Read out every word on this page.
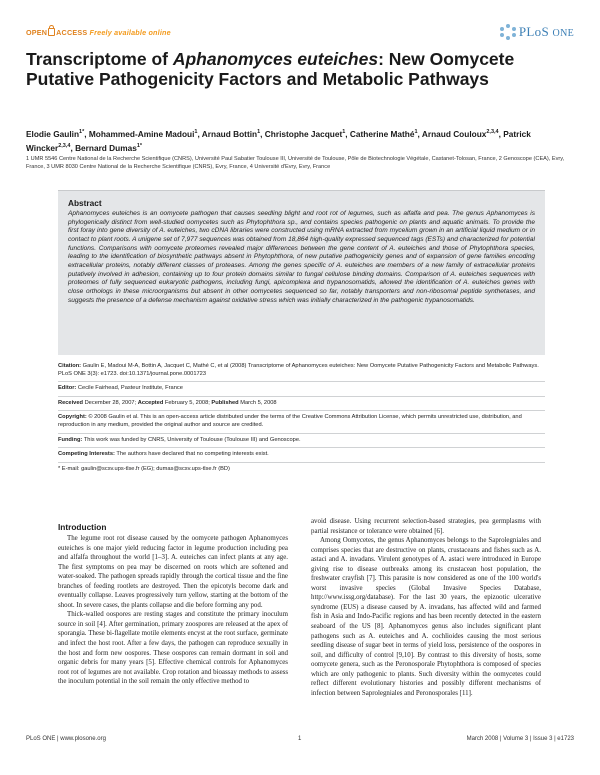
OPEN ACCESS Freely available online	PLoS ONE
Transcriptome of Aphanomyces euteiches: New Oomycete Putative Pathogenicity Factors and Metabolic Pathways
Elodie Gaulin$^{1*}$, Mohammed-Amine Madoui$^1$, Arnaud Bottin$^1$, Christophe Jacquet$^1$, Catherine Mathé$^1$, Arnaud Couloux$^{2,3,4}$, Patrick Wincker$^{2,3,4}$, Bernard Dumas$^{1*}$
1 UMR 5546 Centre National de la Recherche Scientifique (CNRS), Université Paul Sabatier Toulouse III, Université de Toulouse, Pôle de Biotechnologie Végétale, Castanet-Tolosan, France, 2 Genoscope (CEA), Evry, France, 3 UMR 8030 Centre National de la Recherche Scientifique (CNRS), Evry, France, 4 Université d'Evry, Evry, France
Abstract

Aphanomyces euteiches is an oomycete pathogen that causes seedling blight and root rot of legumes, such as alfalfa and pea. The genus Aphanomyces is phylogenically distinct from well-studied oomycetes such as Phytophthora sp., and contains species pathogenic on plants and aquatic animals. To provide the first foray into gene diversity of A. euteiches, two cDNA libraries were constructed using mRNA extracted from mycelium grown in an artificial liquid medium or in contact to plant roots. A unigene set of 7,977 sequences was obtained from 18,864 high-quality expressed sequenced tags (ESTs) and characterized for potential functions. Comparisons with oomycete proteomes revealed major differences between the gene content of A. euteiches and those of Phytophthora species, leading to the identification of biosynthetic pathways absent in Phytophthora, of new putative pathogenicity genes and of expansion of gene families encoding extracellular proteins, notably different classes of proteases. Among the genes specific of A. euteiches are members of a new family of extracellular proteins putatively involved in adhesion, containing up to four protein domains similar to fungal cellulose binding domains. Comparison of A. euteiches sequences with proteomes of fully sequenced eukaryotic pathogens, including fungi, apicomplexa and trypanosomatids, allowed the identification of A. euteiches genes with close orthologs in these microorganisms but absent in other oomycetes sequenced so far, notably transporters and non-ribosomal peptide synthetases, and suggests the presence of a defense mechanism against oxidative stress which was initially characterized in the pathogenic trypanosomatids.

Citation: Gaulin E, Madoui M-A, Bottin A, Jacquet C, Mathé C, et al (2008) Transcriptome of Aphanomyces euteiches: New Oomycete Putative Pathogenicity Factors and Metabolic Pathways. PLoS ONE 3(3): e1723. doi:10.1371/journal.pone.0001723
Editor: Cecile Fairhead, Pasteur Institute, France
Received December 28, 2007; Accepted February 5, 2008; Published March 5, 2008
Copyright: © 2008 Gaulin et al. This is an open-access article distributed under the terms of the Creative Commons Attribution License, which permits unrestricted use, distribution, and reproduction in any medium, provided the original author and source are credited.
Funding: This work was funded by CNRS, University of Toulouse (Toulouse III) and Genoscope.
Competing Interests: The authors have declared that no competing interests exist.
* E-mail: gaulin@scsv.ups-tlse.fr (EG); dumas@scsv.ups-tlse.fr (BD)
Introduction

The legume root rot disease caused by the oomycete pathogen Aphanomyces euteiches is one major yield reducing factor in legume production including pea and alfalfa throughout the world [1–3]. A. euteiches can infect plants at any age. The first symptoms on pea may be discerned on roots which are softened and water-soaked. The pathogen spreads rapidly through the cortical tissue and the fine branches of feeding rootlets are destroyed. Then the epicotyls become dark and eventually collapse. Leaves progressively turn yellow, starting at the bottom of the shoot. In severe cases, the plants collapse and die before forming any pod.

Thick-walled oospores are resting stages and constitute the primary inoculum source in soil [4]. After germination, primary zoospores are released at the apex of sporangia. These bi-flagellate motile elements encyst at the root surface, germinate and infect the host root. After a few days, the pathogen can reproduce sexually in the host and form new oospores. These oospores can remain dormant in soil and organic debris for many years [5]. Effective chemical controls for Aphanomyces root rot of legumes are not available. Crop rotation and bioassay methods to assess the inoculum potential in the soil remain the only effective method to

avoid disease. Using recurrent selection-based strategies, pea germplasms with partial resistance or tolerance were obtained [6].

Among Oomycetes, the genus Aphanomyces belongs to the Saprolegniales and comprises species that are destructive on plants, crustaceans and fishes such as A. astaci and A. invadans. Virulent genotypes of A. astaci were introduced in Europe giving rise to disease outbreaks among its crustacean host population, the freshwater crayfish [7]. This parasite is now considered as one of the 100 world's worst invasive species (Global Invasive Species Database, http://www.issg.org/database). For the last 30 years, the epizootic ulcerative syndrome (EUS) a disease caused by A. invadans, has affected wild and farmed fish in Asia and Indo-Pacific regions and has been recently detected in the eastern seaboard of the US [8]. Aphanomyces genus also includes significant plant pathogens such as A. euteiches and A. cochlioides causing the most serious seedling disease of sugar beet in terms of yield loss, persistence of the oospores in soil, and difficulty of control [9,10]. By contrast to this diversity of hosts, some oomycete genera, such as the Peronosporale Phytophthora is composed of species which are only pathogenic to plants. Such diversity within the oomycetes could reflect different evolutionary histories and possibly different mechanisms of infection between Saprolegniales and Peronosporales [11].

PLoS ONE | www.plosone.org	1	March 2008 | Volume 3 | Issue 3 | e1723
